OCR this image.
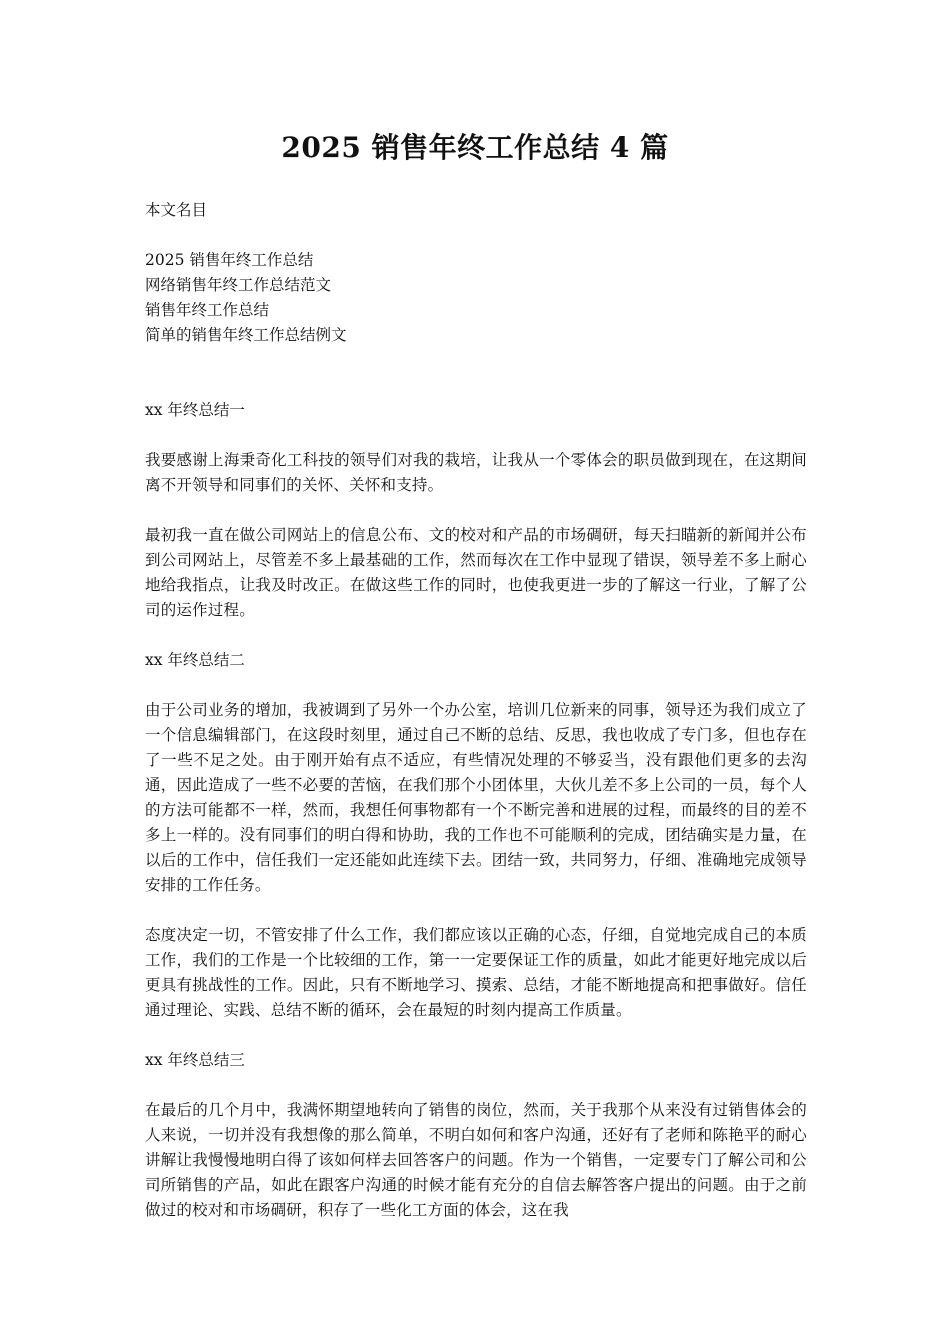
2025 销售年终工作总结 4 篇

本文名目

2025 销售年终工作总结

网络销售年终工作总结范文

销售年终工作总结

简单的销售年终工作总结例文

xx 年终总结一

我要感谢上海秉奇化工科技的领导们对我的栽培，让我从一个零体会的职员做到现在，在这期间离不开领导和同事们的关怀、关怀和支持。

最初我一直在做公司网站上的信息公布、文的校对和产品的市场碉研，每天扫瞄新的新闻并公布到公司网站上，尽管差不多上最基础的工作，然而每次在工作中显现了错误，领导差不多上耐心地给我指点，让我及时改正。在做这些工作的同时，也使我更进一步的了解这一行业，了解了公司的运作过程。

xx 年终总结二

由于公司业务的增加，我被调到了另外一个办公室，培训几位新来的同事，领导还为我们成立了一个信息编辑部门，在这段时刻里，通过自己不断的总结、反思，我也收成了专门多，但也存在了一些不足之处。由于刚开始有点不适应，有些情况处理的不够妥当，没有跟他们更多的去沟通，因此造成了一些不必要的苦恼，在我们那个小团体里，大伙儿差不多上公司的一员，每个人的方法可能都不一样，然而，我想任何事物都有一个不断完善和进展的过程，而最终的目的差不多上一样的。没有同事们的明白得和协助，我的工作也不可能顺利的完成，团结确实是力量，在以后的工作中，信任我们一定还能如此连续下去。团结一致，共同努力，仔细、准确地完成领导安排的工作任务。

态度决定一切，不管安排了什么工作，我们都应该以正确的心态，仔细，自觉地完成自己的本质工作，我们的工作是一个比较细的工作，第一一定要保证工作的质量，如此才能更好地完成以后更具有挑战性的工作。因此，只有不断地学习、摸索、总结，才能不断地提高和把事做好。信任通过理论、实践、总结不断的循环，会在最短的时刻内提高工作质量。

xx 年终总结三

在最后的几个月中，我满怀期望地转向了销售的岗位，然而，关于我那个从来没有过销售体会的人来说，一切并没有我想像的那么简单，不明白如何和客户沟通，还好有了老师和陈艳平的耐心讲解让我慢慢地明白得了该如何样去回答客户的问题。作为一个销售，一定要专门了解公司和公司所销售的产品，如此在跟客户沟通的时候才能有充分的自信去解答客户提出的问题。由于之前做过的校对和市场碉研，积存了一些化工方面的体会，这在我
